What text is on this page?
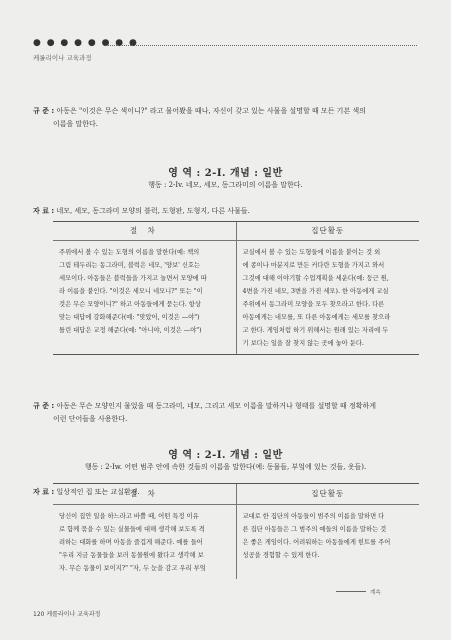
● ● ● ● ● ● ● ●
케롤리이나 교육과정
규 준 : 아동은 "이것은 무슨 색이니?" 라고 물어봤을 때나, 자신이 갖고 있는 사물을 설명할 때 모든 기본 색의
이름을 말한다.
영 역 : 2-Ⅰ. 개념 : 일반
행동 : 2-Ⅰv. 네모, 세모, 동그라미의 이름을 말한다.
자 료 : 네모, 세모, 동그라미 모양의 블럭, 도형판, 도형지, 다른 사물들.
절 차	집단활동
주위에서 볼 수 있는 도형의 이름을 말한다(예: 책의
그림 테두리는 동그라미, 블럭은 네모, '양보' 신호는
세모이다. 아동들은 블럭들을 가지고 놀면서 모양에 따
라 이름을 붙인다. "이것은 세모니 네모니?" 또는 "이
것은 무슨 모양이니?" 하고 아동들에게 묻는다. 항상
맞는 대답에 강화해준다(예: "맞았어, 이것은 ―야")
틀린 대답은 교정 해준다(예: "아니야, 이것은 ―야")
교실에서 볼 수 있는 도형들에 이름을 붙이는 것 외
에 종이나 마분지로 만든 커다란 도형을 가지고 와서
그것에 대해 이야기할 수업계획을 세운다(예: 둥근 원,
4변을 가진 네모, 3변을 가진 세모). 한 아동에게 교실
주위에서 동그라미 모양을 모두 찾으라고 한다. 다른
아동에게는 네모를, 또 다른 아동에게는 세모를 찾으라
고 한다. 게임처럼 하기 위해서는 원래 있는 자리에 두
기 보다는 일을 잘 찾지 않는 곳에 놓아 둔다.
규 준 : 아동은 무슨 모양인지 물었을 때 동그라미, 네모, 그리고 세모 이름을 말하거나 형태를 설명할 때 정확하게
이런 단어들을 사용한다.
영 역 : 2-Ⅰ. 개념 : 일반
행동 : 2-Ⅰw. 어떤 범주 안에 속한 것들의 이름을 말한다(예: 동물들, 부엌에 있는 것들, 옷들).
자 료 : 일상적인 집 또는 교실환경.
절 차	집단활동
당신이 집안 일을 하느라고 바쁠 때, 어떤 특정 이유
로 함께 묶을 수 있는 실물들에 대해 생각해 보도록 격
려하는 대화를 하며 아동을 즐겁게 해준다. 예를 들어
"우리 지금 동물들을 보러 동물원에 왔다고 생각해 보
자. 무슨 동물이 보이지?" "자, 두 눈을 감고 우리 부엌
교대로 한 집단의 아동들이 범주의 이름을 말하면 다
른 집단 아동들은 그 범주의 예들의 이름을 말하는 것
은 좋은 게임이다. 어려워하는 아동들에게 힌트를 주어
성공을 경험할 수 있게 한다.
계속
120 케롤라이나 교육과정
